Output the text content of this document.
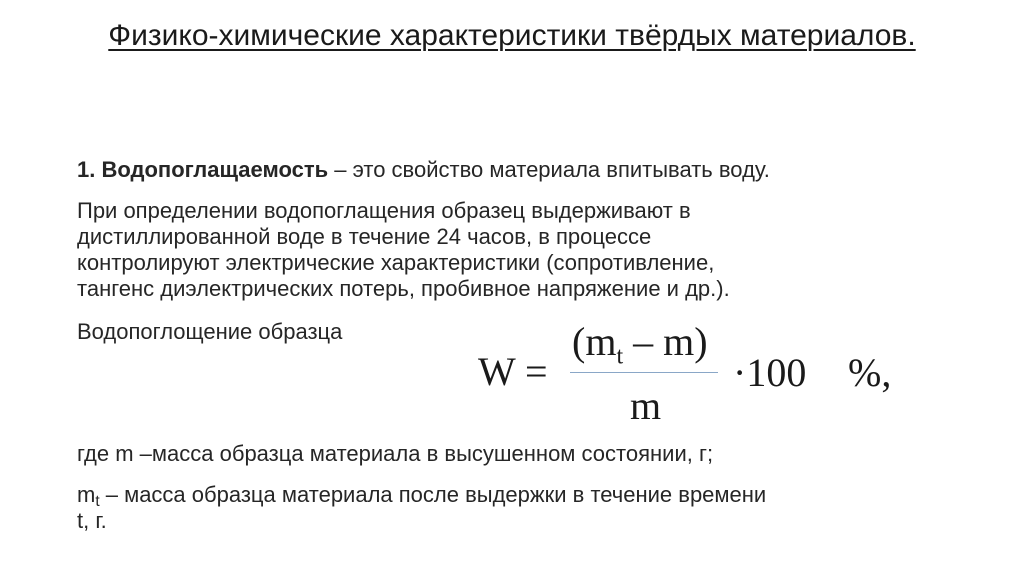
Физико-химические характеристики твёрдых материалов.

1. Водопоглащаемость – это свойство материала впитывать воду.

При определении водопоглащения образец выдерживают в

дистиллированной воде в течение 24 часов, в процессе

контролируют электрические характеристики (сопротивление,

тангенс диэлектрических потерь, пробивное напряжение и др.).

Водопоглощение образца

W =
$(m_t - m)$
m
·100 %,

где m –масса образца материала в высушенном состоянии, г;

$m_t$ – масса образца материала после выдержки в течение времени

t, г.
